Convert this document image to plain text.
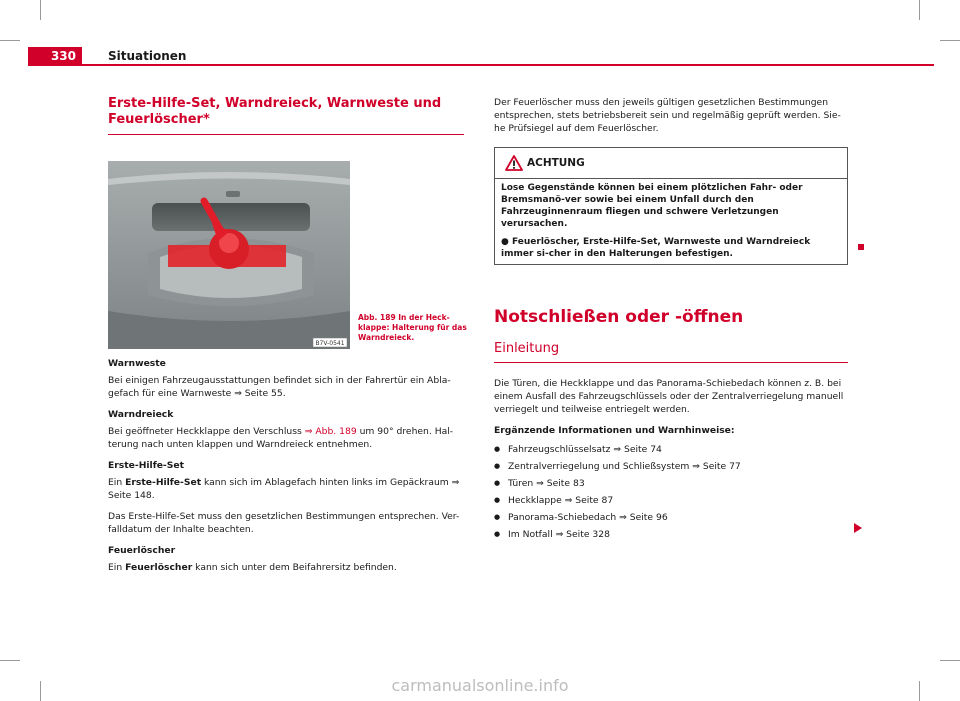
330	Situationen
Erste-Hilfe-Set, Warndreieck, Warnweste und Feuerlöscher*
B7V-0541
Abb. 189 In der Heck-klappe: Halterung für das Warndreieck.

Warnweste

Bei einigen Fahrzeugausstattungen befindet sich in der Fahrertür ein Abla-gefach für eine Warnweste ⇒ Seite 55.

Warndreieck

Bei geöffneter Heckklappe den Verschluss ⇒ Abb. 189 um 90° drehen. Hal-terung nach unten klappen und Warndreieck entnehmen.

Erste-Hilfe-Set

Ein Erste-Hilfe-Set kann sich im Ablagefach hinten links im Gepäckraum ⇒ Seite 148.

Das Erste-Hilfe-Set muss den gesetzlichen Bestimmungen entsprechen. Ver-falldatum der Inhalte beachten.

Feuerlöscher

Ein Feuerlöscher kann sich unter dem Beifahrersitz befinden.

Der Feuerlöscher muss den jeweils gültigen gesetzlichen Bestimmungen entsprechen, stets betriebsbereit sein und regelmäßig geprüft werden. Sie-he Prüfsiegel auf dem Feuerlöscher.

ACHTUNG

Lose Gegenstände können bei einem plötzlichen Fahr- oder Bremsmanö-ver sowie bei einem Unfall durch den Fahrzeuginnenraum fliegen und schwere Verletzungen verursachen.

● Feuerlöscher, Erste-Hilfe-Set, Warnweste und Warndreieck immer si-cher in den Halterungen befestigen.

Notschließen oder -öffnen
Einleitung

Die Türen, die Heckklappe und das Panorama-Schiebedach können z. B. bei einem Ausfall des Fahrzeugschlüssels oder der Zentralverriegelung manuell verriegelt und teilweise entriegelt werden.

Ergänzende Informationen und Warnhinweise:

● Fahrzeugschlüsselsatz ⇒ Seite 74
● Zentralverriegelung und Schließsystem ⇒ Seite 77
● Türen ⇒ Seite 83
● Heckklappe ⇒ Seite 87
● Panorama-Schiebedach ⇒ Seite 96
● Im Notfall ⇒ Seite 328
carmanualsonline.info
